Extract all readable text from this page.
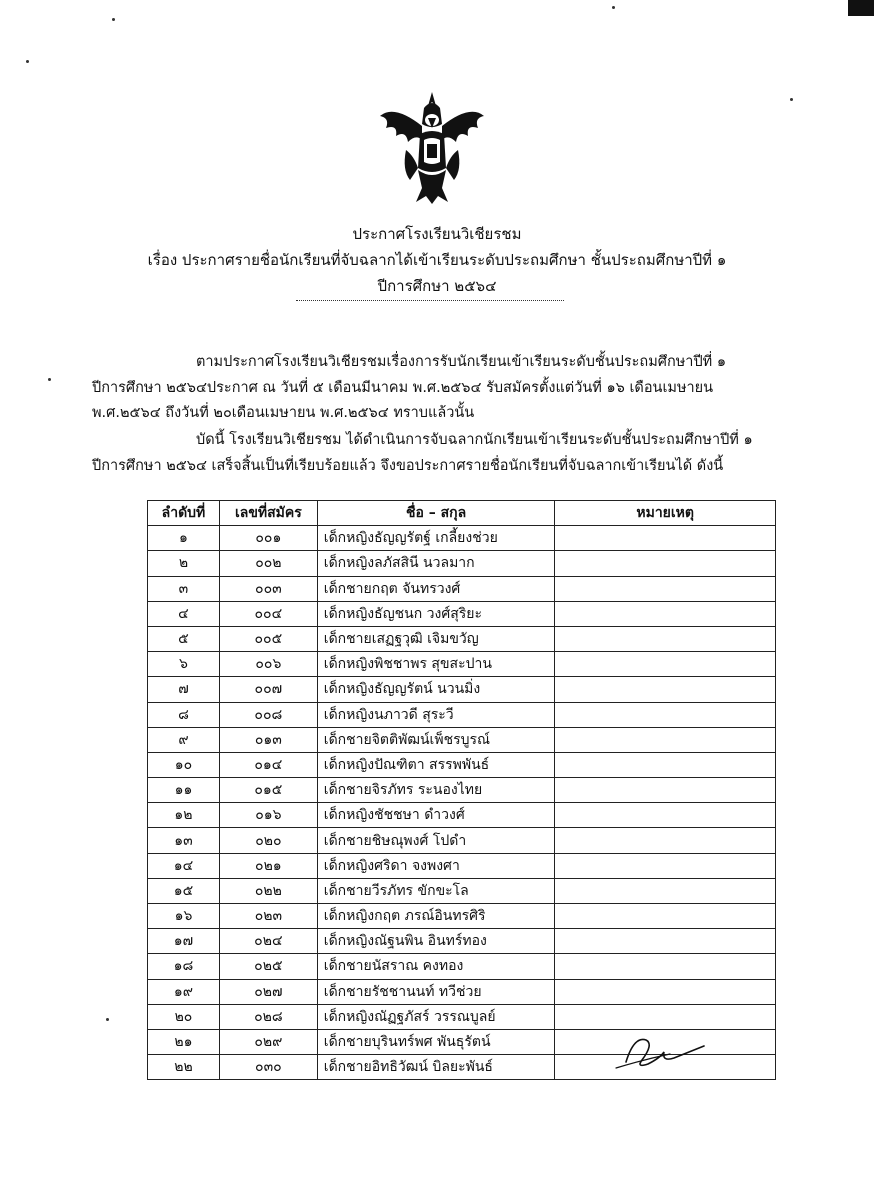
ประกาศโรงเรียนวิเชียรชม
เรื่อง ประกาศรายชื่อนักเรียนที่จับฉลากได้เข้าเรียนระดับประถมศึกษา ชั้นประถมศึกษาปีที่ ๑
ปีการศึกษา ๒๕๖๔
ตามประกาศโรงเรียนวิเชียรชมเรื่องการรับนักเรียนเข้าเรียนระดับชั้นประถมศึกษาปีที่ ๑
ปีการศึกษา ๒๕๖๔ประกาศ ณ วันที่ ๕ เดือนมีนาคม พ.ศ.๒๕๖๔ รับสมัครตั้งแต่วันที่ ๑๖ เดือนเมษายน
พ.ศ.๒๕๖๔ ถึงวันที่ ๒๐เดือนเมษายน พ.ศ.๒๕๖๔ ทราบแล้วนั้น
บัดนี้ โรงเรียนวิเชียรชม ได้ดำเนินการจับฉลากนักเรียนเข้าเรียนระดับชั้นประถมศึกษาปีที่ ๑
ปีการศึกษา ๒๕๖๔ เสร็จสิ้นเป็นที่เรียบร้อยแล้ว จึงขอประกาศรายชื่อนักเรียนที่จับฉลากเข้าเรียนได้ ดังนี้
ลำดับที่	เลขที่สมัคร	ชื่อ – สกุล	หมายเหตุ
๑	๐๐๑	เด็กหญิงธัญญรัตฐ์ เกลี้ยงช่วย	
๒	๐๐๒	เด็กหญิงลภัสสินี นวลมาก	
๓	๐๐๓	เด็กชายกฤต จันทรวงศ์	
๔	๐๐๔	เด็กหญิงธัญชนก วงศ์สุริยะ	
๕	๐๐๕	เด็กชายเสฏฐวุฒิ เจิมขวัญ	
๖	๐๐๖	เด็กหญิงพิชชาพร สุขสะปาน	
๗	๐๐๗	เด็กหญิงธัญญรัตน์ นวนมิ่ง	
๘	๐๐๘	เด็กหญิงนภาวดี สุระวี	
๙	๐๑๓	เด็กชายจิตติพัฒน์เพ็ชรบูรณ์	
๑๐	๐๑๔	เด็กหญิงปัณฑิตา สรรพพันธ์	
๑๑	๐๑๕	เด็กชายจิรภัทร ระนองไทย	
๑๒	๐๑๖	เด็กหญิงชัชชษา ดำวงศ์	
๑๓	๐๒๐	เด็กชายชิษณุพงศ์ โปดำ	
๑๔	๐๒๑	เด็กหญิงศริดา จงพงศา	
๑๕	๐๒๒	เด็กชายวีรภัทร ขักขะโล	
๑๖	๐๒๓	เด็กหญิงกฤต ภรณ์อินทรศิริ	
๑๗	๐๒๔	เด็กหญิงณัฐนพิน อินทร์ทอง	
๑๘	๐๒๕	เด็กชายนัสราณ คงทอง	
๑๙	๐๒๗	เด็กชายรัชชานนท์ ทวีช่วย	
๒๐	๐๒๘	เด็กหญิงณัฏฐภัสร์ วรรณบูลย์	
๒๑	๐๒๙	เด็กชายบุรินทร์พศ พันธุรัตน์	
๒๒	๐๓๐	เด็กชายอิทธิวัฒน์ บิลยะพันธ์	
